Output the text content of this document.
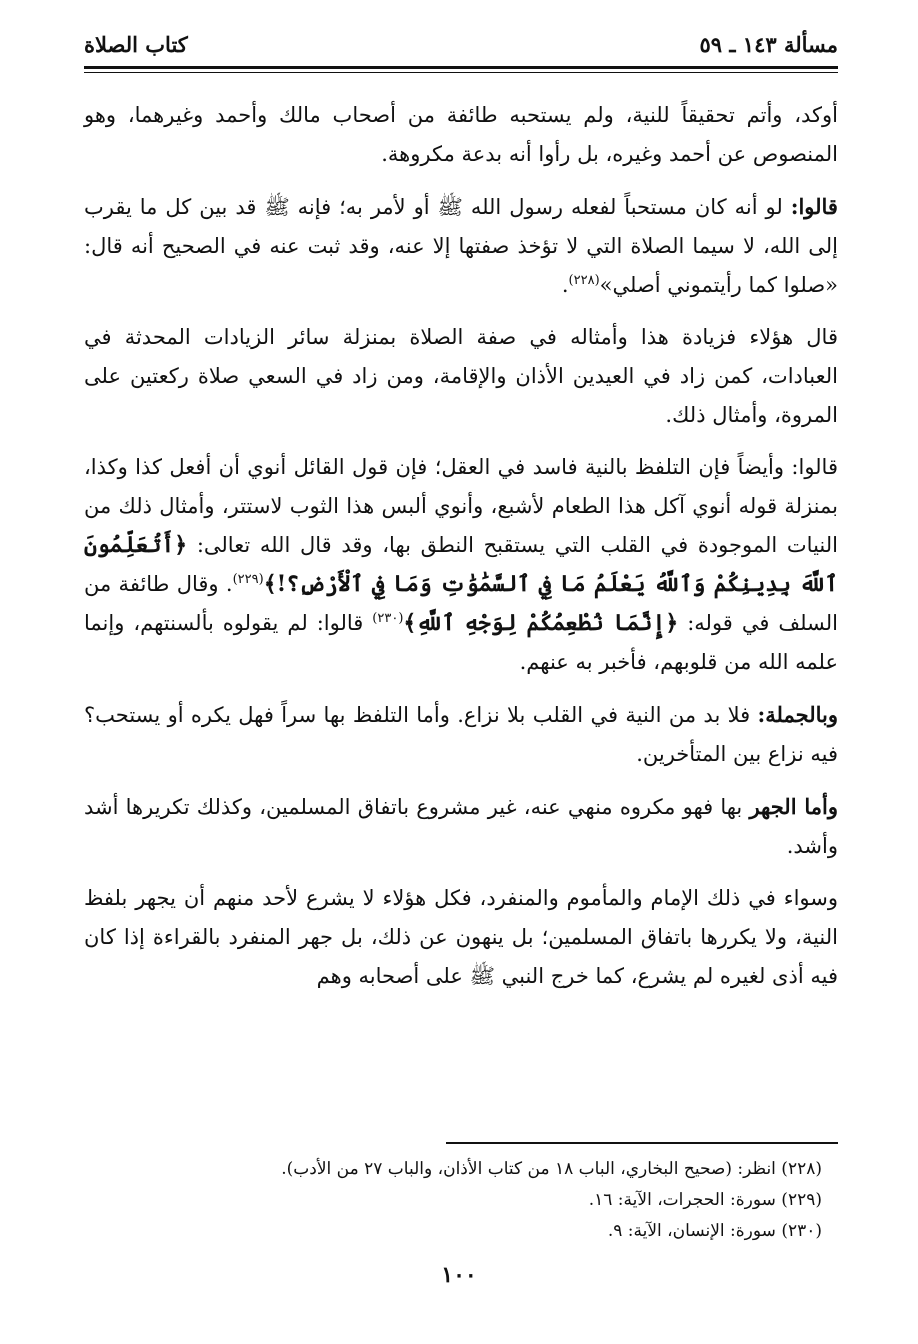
كتاب الصلاة	مسألة ١٤٣ ـ ٥٩

أوكد، وأتم تحقيقاً للنية، ولم يستحبه طائفة من أصحاب مالك وأحمد وغيرهما، وهو المنصوص عن أحمد وغيره، بل رأوا أنه بدعة مكروهة.

قالوا: لو أنه كان مستحباً لفعله رسول الله ﷺ أو لأمر به؛ فإنه ﷺ قد بين كل ما يقرب إلى الله، لا سيما الصلاة التي لا تؤخذ صفتها إلا عنه، وقد ثبت عنه في الصحيح أنه قال: «صلوا كما رأيتموني أصلي»$^{(٢٢٨)}$.

قال هؤلاء فزيادة هذا وأمثاله في صفة الصلاة بمنزلة سائر الزيادات المحدثة في العبادات، كمن زاد في العيدين الأذان والإقامة، ومن زاد في السعي صلاة ركعتين على المروة، وأمثال ذلك.

قالوا: وأيضاً فإن التلفظ بالنية فاسد في العقل؛ فإن قول القائل أنوي أن أفعل كذا وكذا، بمنزلة قوله أنوي آكل هذا الطعام لأشبع، وأنوي ألبس هذا الثوب لاستتر، وأمثال ذلك من النيات الموجودة في القلب التي يستقبح النطق بها، وقد قال الله تعالى: ﴿أَتُعَلِّمُونَ ٱللَّهَ بِدِينِكُمْ وَٱللَّهُ يَعْلَمُ مَا فِي ٱلسَّمَٰوَٰتِ وَمَا فِي ٱلْأَرْضِ؟!﴾$^{(٢٢٩)}$. وقال طائفة من السلف في قوله: ﴿إِنَّمَا نُطْعِمُكُمْ لِوَجْهِ ٱللَّهِ﴾$^{(٢٣٠)}$ قالوا: لم يقولوه بألسنتهم، وإنما علمه الله من قلوبهم، فأخبر به عنهم.

وبالجملة: فلا بد من النية في القلب بلا نزاع. وأما التلفظ بها سراً فهل يكره أو يستحب؟ فيه نزاع بين المتأخرين.

وأما الجهر بها فهو مكروه منهي عنه، غير مشروع باتفاق المسلمين، وكذلك تكريرها أشد وأشد.

وسواء في ذلك الإمام والمأموم والمنفرد، فكل هؤلاء لا يشرع لأحد منهم أن يجهر بلفظ النية، ولا يكررها باتفاق المسلمين؛ بل ينهون عن ذلك، بل جهر المنفرد بالقراءة إذا كان فيه أذى لغيره لم يشرع، كما خرج النبي ﷺ على أصحابه وهم

(٢٢٨) انظر: (صحيح البخاري، الباب ١٨ من كتاب الأذان، والباب ٢٧ من الأدب).

(٢٢٩) سورة: الحجرات، الآية: ١٦.

(٢٣٠) سورة: الإنسان، الآية: ٩.

١٠٠
